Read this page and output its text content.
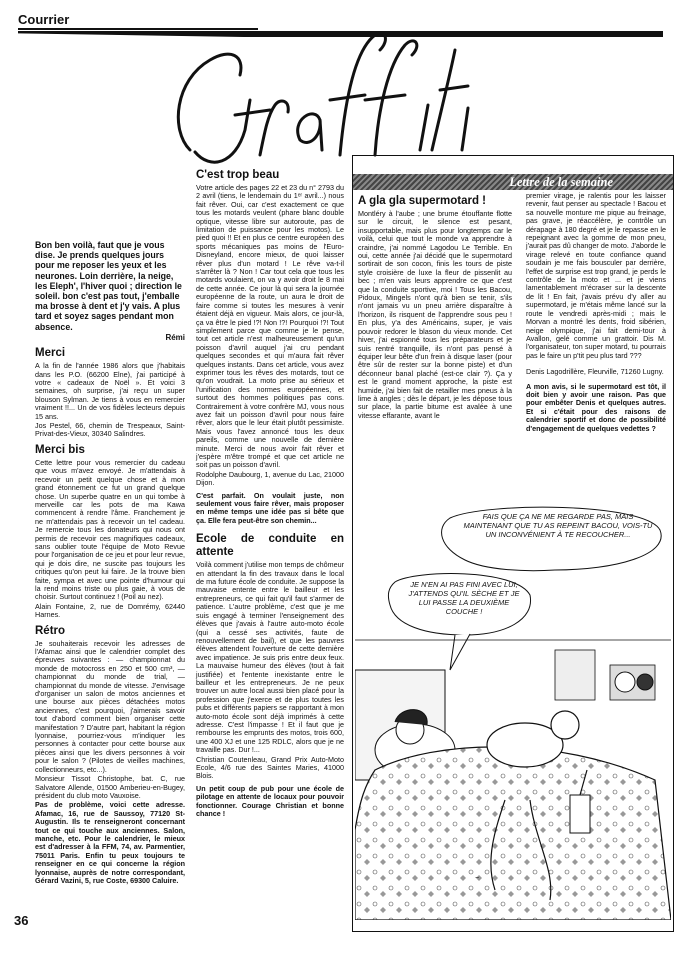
Courrier
Graffiti

Bon ben voilà, faut que je vous dise. Je prends quelques jours pour me reposer les yeux et les neurones. Loin derrière, la neige, les Eleph', l'hiver quoi ; direction le soleil. bon c'est pas tout, j'emballe ma brosse à dent et j'y vais. A plus tard et soyez sages pendant mon absence.

Rémi
Merci

A la fin de l'année 1986 alors que j'habitais dans les P.O. (66200 Elne), j'ai participé à votre « cadeaux de Noël ». Et voici 3 semaines, oh surprise, j'ai reçu un super blouson Sylman. Je tiens à vous en remercier vraiment !!... Un de vos fidèles lecteurs depuis 15 ans.

Jos Pestel, 66, chemin de Trespeaux, Saint-Privat-des-Vieux, 30340 Salindres.

Merci bis

Cette lettre pour vous remercier du cadeau que vous m'avez envoyé. Je m'attendais à recevoir un petit quelque chose et à mon grand étonnement ce fut un grand quelque chose. Un superbe quatre en un qui tombe à merveille car les pots de ma Kawa commencent à rendre l'âme. Franchement je ne m'attendais pas à recevoir un tel cadeau. Je remercie tous les donateurs qui nous ont permis de recevoir ces magnifiques cadeaux, sans oublier toute l'équipe de Moto Revue pour l'organisation de ce jeu et pour leur revue, qui je dois dire, ne suscite pas toujours les critiques qu'on peut lui faire. Je la trouve bien faite, sympa et avec une pointe d'humour qui la rend moins triste ou plus gaie, à vous de choisir. Surtout continuez ! (Poil au nez).

Alain Fontaine, 2, rue de Domrémy, 62440 Harnes.

Rétro

Je souhaiterais recevoir les adresses de l'Afamac ainsi que le calendrier complet des épreuves suivantes : — championnat du monde de motocross en 250 et 500 cm³, — championnat du monde de trial, — championnat du monde de vitesse. J'envisage d'organiser un salon de motos anciennes et une bourse aux pièces détachées motos anciennes, c'est pourquoi, j'aimerais savoir tout d'abord comment bien organiser cette manifestation ? D'autre part, habitant la région lyonnaise, pourriez-vous m'indiquer les personnes à contacter pour cette bourse aux pièces ainsi que les divers personnes à voir pour le salon ? (Pilotes de vieilles machines, collectionneurs, etc...).

Monsieur Tissot Christophe, bat. C, rue Salvatore Allende, 01500 Amberieu-en-Bugey, président du club moto Vauxoise.

Pas de problème, voici cette adresse. Afamac, 16, rue de Saussoy, 77120 St-Augustin. Ils te renseigneront concernant tout ce qui touche aux anciennes. Salon, manche, etc. Pour le calendrier, le mieux est d'adresser à la FFM, 74, av. Parmentier, 75011 Paris. Enfin tu peux toujours te renseigner en ce qui concerne la région lyonnaise, auprès de notre correspondant, Gérard Vazini, 5, rue Coste, 69300 Caluire.

C'est trop beau

Votre article des pages 22 et 23 du n° 2793 du 2 avril (tiens, le lendemain du 1ᵉʳ avril...) nous fait rêver. Oui, car c'est exactement ce que tous les motards veulent (phare blanc double optique, vitesse libre sur autoroute, pas de limitation de puissance pour les motos). Le pied quoi !! Et en plus ce centre européen des sports mécaniques pas moins de l'Euro-Disneyland, encore mieux, de quoi laisser rêver plus d'un motard ! Le rêve va-t-il s'arrêter là ? Non ! Car tout cela que tous les motards voulaient, on va y avoir droit le 8 mai de cette année. Ce jour là qui sera la journée européenne de la route, un aura le droit de faire comme si toutes les mesures à venir étaient déjà en vigueur. Mais alors, ce jour-là, ça va être le pied !?! Non !?! Pourquoi !?! Tout simplement parce que comme je le pense, tout cet article n'est malheureusement qu'un poisson d'avril auquel j'ai cru pendant quelques secondes et qui m'aura fait rêver quelques instants. Dans cet article, vous avez exprimer tous les rêves des motards, tout ce qu'on voudrait. La moto prise au sérieux et l'unification des normes européennes, et surtout des hommes politiques pas cons. Contrairement à votre confrère MJ, vous nous avez fait un poisson d'avril pour nous faire rêver, alors que le leur était plutôt pessimiste. Mais vous l'avez annoncé tous les deux pareils, comme une nouvelle de dernière minute. Merci de nous avoir fait rêver et j'espère m'être trompé et que cet article ne soit pas un poisson d'avril.

Rodolphe Daubourg, 1, avenue du Lac, 21000 Dijon.

C'est parfait. On voulait juste, non seulement vous faire rêver, mais proposer en même temps une idée pas si bête que ça. Elle fera peut-être son chemin...

Ecole de conduite en attente

Voilà comment j'utilise mon temps de chômeur en attendant la fin des travaux dans le local de ma future école de conduite. Je suppose la mauvaise entente entre le bailleur et les entrepreneurs, ce qui fait qu'il faut s'armer de patience. L'autre problème, c'est que je me suis engagé à terminer l'enseignement des élèves que j'avais à l'autre auto-moto école (qui a cessé ses activités, faute de renouvellement de bail), et que les pauvres élèves attendent l'ouverture de cette dernière avec impatience. Je suis pris entre deux feux. La mauvaise humeur des élèves (tout à fait justifiée) et l'entente inexistante entre le bailleur et les entrepreneurs. Je ne peux trouver un autre local aussi bien placé pour la profession que j'exerce et de plus toutes les pubs et différents papiers se rapportant à mon auto-moto école sont déjà imprimés à cette adresse. C'est l'impasse ! Et il faut que je rembourse les emprunts des motos, trois 600, une 400 XJ et une 125 RDLC, alors que je ne travaille pas. Dur !...

Christian Coutenleau, Grand Prix Auto-Moto Ecole, 4/6 rue des Saintes Maries, 41000 Blois.

Un petit coup de pub pour une école de pilotage en attente de locaux pour pouvoir fonctionner. Courage Christian et bonne chance !

Lettre de la semaine
A gla gla supermotard !

Montléry à l'aube ; une brume étouffante flotte sur le circuit, le silence est pesant, insupportable, mais plus pour longtemps car le voilà, celui que tout le monde va apprendre à craindre, j'ai nommé Lagodou Le Terrible. En oui, cette année j'ai décidé que le supermotard sortirait de son cocon, finis les tours de piste style croisière de luxe la fleur de pissenlit au bec ; m'en vais leurs apprendre ce que c'est que la conduite sportive, moi ! Tous les Bacou, Pidoux, Mingels n'ont qu'à bien se tenir, s'ils n'ont jamais vu un pneu arrière disparaître à l'horizon, ils risquent de l'apprendre sous peu ! En plus, y'a des Américains, super, je vais pouvoir redorer le blason du vieux monde. Cet hiver, j'ai espionné tous les préparateurs et je suis rentré tranquille, ils n'ont pas pensé à équiper leur bête d'un frein à disque laser (pour être sûr de rester sur la bonne piste) et d'un déconneur banal plaché (est-ce clair ?). Ça y est le grand moment approche, la piste est humide, j'ai bien fait de retailler mes pneus à la lime à angles ; dès le départ, je les dépose tous sur place, la partie bitume est avalée à une vitesse effarante, avant le

premier virage, je ralentis pour les laisser revenir, faut penser au spectacle ! Bacou et sa nouvelle monture me pique au freinage, pas grave, je réaccélère, je contrôle un dérapage à 180 degré et je le repasse en le repeignant avec la gomme de mon pneu, j'aurait pas dû changer de moto. J'aborde le virage relevé en toute confiance quand soudain je me fais bousculer par derrière, l'effet de surprise est trop grand, je perds le contrôle de la moto et ... et je viens lamentablement m'écraser sur la descente de lit ! En fait, j'avais prévu d'y aller au supermotard, je m'étais même lancé sur la route le vendredi après-midi ; mais le Morvan a montré les dents, froid sibérien, neige olympique, j'ai fait demi-tour à Avallon, gelé comme un grattoir. Dis M. l'organisateur, ton super motard, tu pourrais pas le faire un p'tit peu plus tard ???

Denis Lagodrillère, Fleurville, 71260 Lugny.

A mon avis, si le supermotard est tôt, il doit bien y avoir une raison. Pas que pour embêter Denis et quelques autres. Et si c'était pour des raisons de calendrier sportif et donc de possibilité d'engagement de quelques vedettes ?

FAIS QUE ÇA NE ME REGARDE PAS, MAIS MAINTENANT QUE TU AS REPEINT BACOU, VOIS-TU UN INCONVÉNIENT À TE RECOUCHER...
JE N'EN AI PAS FINI AVEC LUI, J'ATTENDS QU'IL SÈCHE ET JE LUI PASSE LA DEUXIÈME COUCHE !
~
36
